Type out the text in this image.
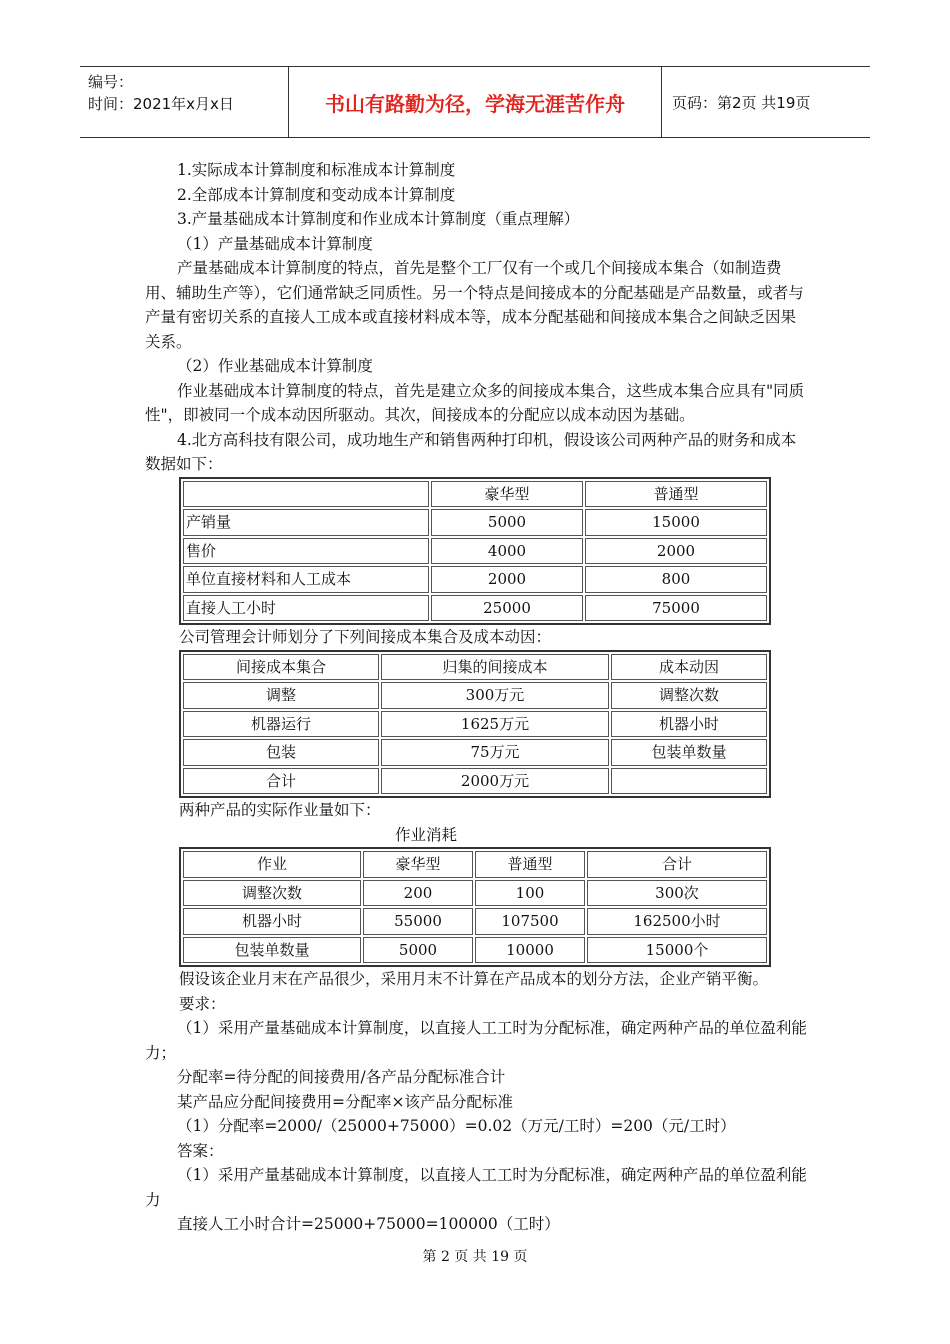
编号：
时间：2021年x月x日	书山有路勤为径，学海无涯苦作舟	页码：第2页 共19页

1.实际成本计算制度和标准成本计算制度

2.全部成本计算制度和变动成本计算制度

3.产量基础成本计算制度和作业成本计算制度（重点理解）

（1）产量基础成本计算制度

产量基础成本计算制度的特点，首先是整个工厂仅有一个或几个间接成本集合（如制造费用、辅助生产等），它们通常缺乏同质性。另一个特点是间接成本的分配基础是产品数量，或者与产量有密切关系的直接人工成本或直接材料成本等，成本分配基础和间接成本集合之间缺乏因果关系。

（2）作业基础成本计算制度

作业基础成本计算制度的特点，首先是建立众多的间接成本集合，这些成本集合应具有"同质性"，即被同一个成本动因所驱动。其次，间接成本的分配应以成本动因为基础。

4.北方高科技有限公司，成功地生产和销售两种打印机，假设该公司两种产品的财务和成本数据如下：

	豪华型	普通型
产销量	5000	15000
售价	4000	2000
单位直接材料和人工成本	2000	800
直接人工小时	25000	75000

公司管理会计师划分了下列间接成本集合及成本动因：

间接成本集合	归集的间接成本	成本动因
调整	300万元	调整次数
机器运行	1625万元	机器小时
包装	75万元	包装单数量
合计	2000万元	

两种产品的实际作业量如下：

作业消耗

作业	豪华型	普通型	合计
调整次数	200	100	300次
机器小时	55000	107500	162500小时
包装单数量	5000	10000	15000个

假设该企业月末在产品很少，采用月末不计算在产品成本的划分方法，企业产销平衡。

要求：

（1）采用产量基础成本计算制度，以直接人工工时为分配标准，确定两种产品的单位盈利能力；

分配率=待分配的间接费用/各产品分配标准合计

某产品应分配间接费用=分配率×该产品分配标准

（1）分配率=2000/（25000+75000）=0.02（万元/工时）=200（元/工时）

答案：

（1）采用产量基础成本计算制度，以直接人工工时为分配标准，确定两种产品的单位盈利能力

直接人工小时合计=25000+75000=100000（工时）

第 2 页 共 19 页
